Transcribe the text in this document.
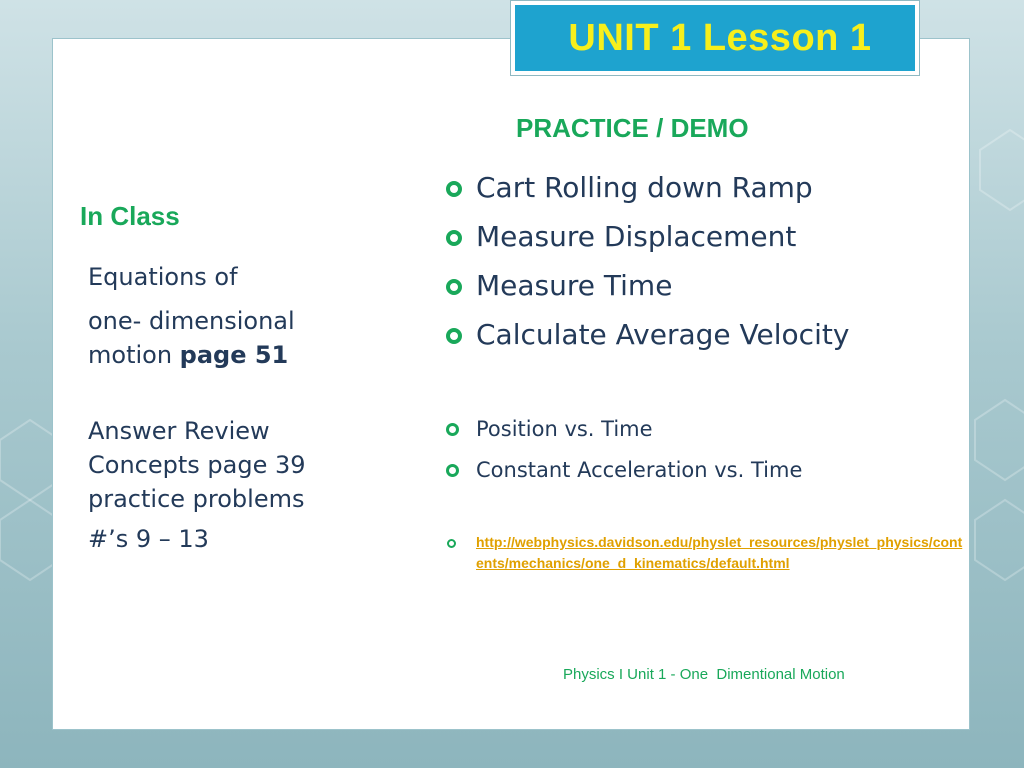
UNIT 1 Lesson 1
PRACTICE / DEMO
In Class

Equations of

one- dimensional

motion page 51

Answer Review

Concepts page 39

practice problems

#’s 9 – 13

Cart Rolling down Ramp
Measure Displacement
Measure Time
Calculate Average Velocity
Position vs. Time
Constant Acceleration vs. Time
http://webphysics.davidson.edu/physlet_resources/physlet_physics/contents/mechanics/one_d_kinematics/default.html
Physics I Unit 1 - One  Dimentional Motion
